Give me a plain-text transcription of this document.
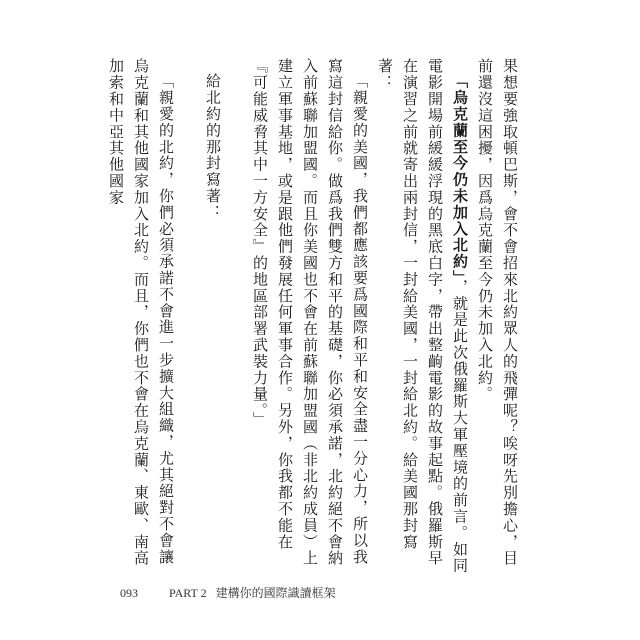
果想要強取頓巴斯，會不會招來北約眾人的飛彈呢？唉呀先別擔心，目前還沒這困擾，因爲烏克蘭至今仍未加入北約。

「烏克蘭至今仍未加入北約」，就是此次俄羅斯大軍壓境的前言。如同電影開場前緩緩浮現的黑底白字，帶出整齣電影的故事起點。俄羅斯早在演習之前就寄出兩封信，一封給美國，一封給北約。給美國那封寫著：

「親愛的美國，我們都應該要爲國際和平和安全盡一分心力，所以我寫這封信給你。做爲我們雙方和平的基礎，你必須承諾，北約絕不會納入前蘇聯加盟國。而且你美國也不會在前蘇聯加盟國（非北約成員）上建立軍事基地，或是跟他們發展任何軍事合作。另外，你我都不能在『可能威脅其中一方安全』的地區部署武裝力量。」

給北約的那封寫著：

「親愛的北約，你們必須承諾不會進一步擴大組織，尤其絕對不會讓烏克蘭和其他國家加入北約。而且，你們也不會在烏克蘭、東歐、南高加索和中亞其他國家

093	PART 2 建構你的國際識讀框架
